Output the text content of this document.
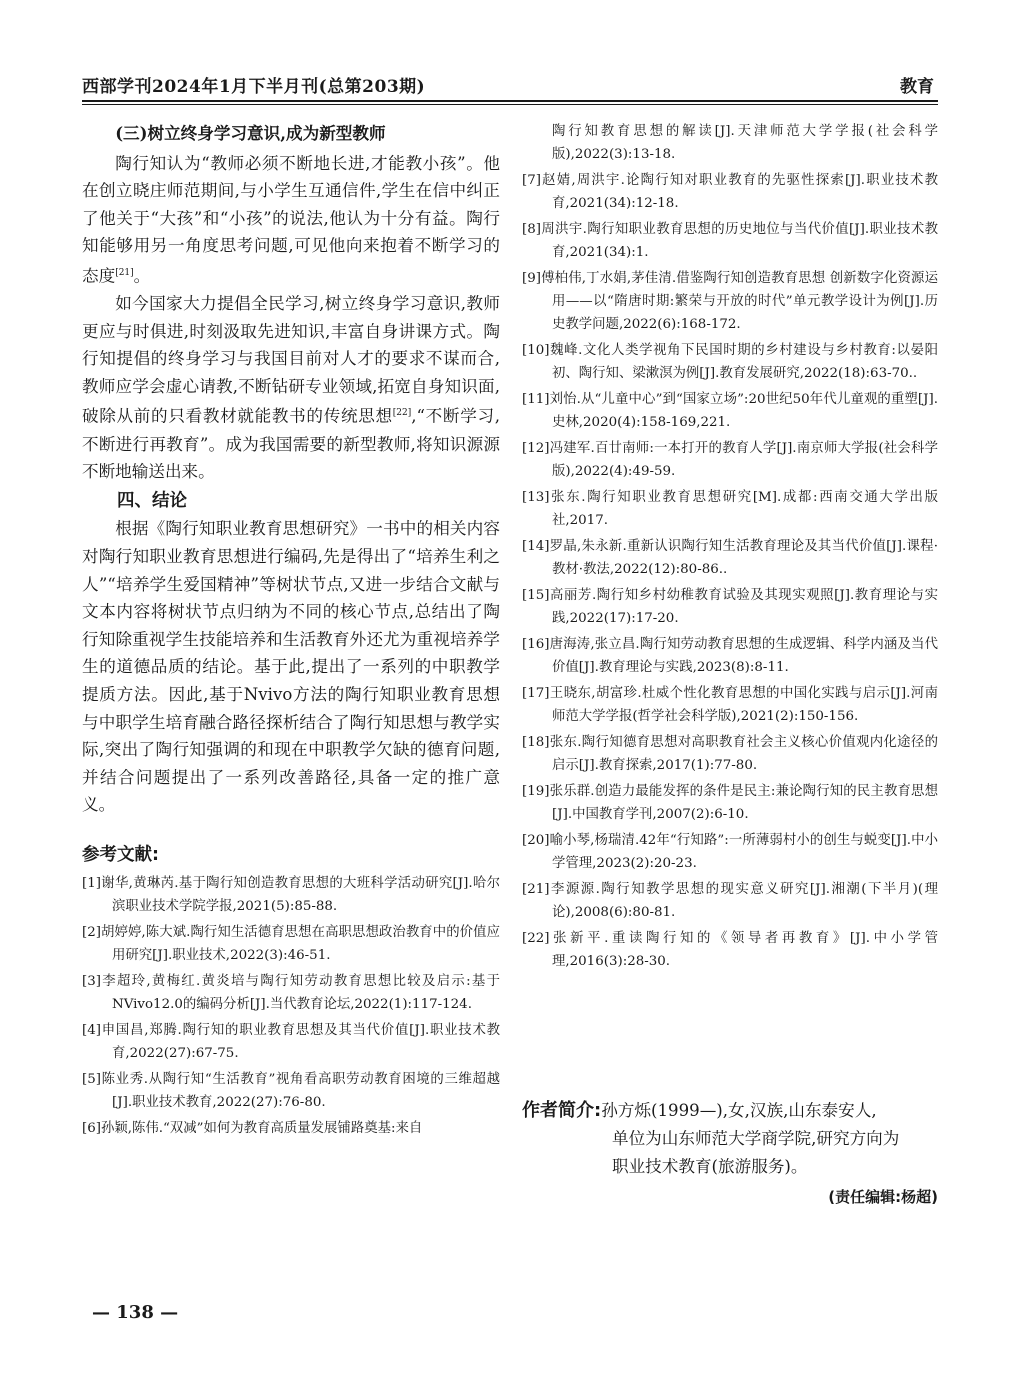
西部学刊2024年1月下半月刊(总第203期)	教育

(三)树立终身学习意识,成为新型教师

陶行知认为“教师必须不断地长进,才能教小孩”。他在创立晓庄师范期间,与小学生互通信件,学生在信中纠正了他关于“大孩”和“小孩”的说法,他认为十分有益。陶行知能够用另一角度思考问题,可见他向来抱着不断学习的态度[21]。

如今国家大力提倡全民学习,树立终身学习意识,教师更应与时俱进,时刻汲取先进知识,丰富自身讲课方式。陶行知提倡的终身学习与我国目前对人才的要求不谋而合,教师应学会虚心请教,不断钻研专业领域,拓宽自身知识面,破除从前的只看教材就能教书的传统思想[22],“不断学习,不断进行再教育”。成为我国需要的新型教师,将知识源源不断地输送出来。

四、结论

根据《陶行知职业教育思想研究》一书中的相关内容对陶行知职业教育思想进行编码,先是得出了“培养生利之人”“培养学生爱国精神”等树状节点,又进一步结合文献与文本内容将树状节点归纳为不同的核心节点,总结出了陶行知除重视学生技能培养和生活教育外还尤为重视培养学生的道德品质的结论。基于此,提出了一系列的中职教学提质方法。因此,基于Nvivo方法的陶行知职业教育思想与中职学生培育融合路径探析结合了陶行知思想与教学实际,突出了陶行知强调的和现在中职教学欠缺的德育问题,并结合问题提出了一系列改善路径,具备一定的推广意义。

参考文献:
[1]谢华,黄琳芮.基于陶行知创造教育思想的大班科学活动研究[J].哈尔滨职业技术学院学报,2021(5):85-88.
[2]胡婷婷,陈大斌.陶行知生活德育思想在高职思想政治教育中的价值应用研究[J].职业技术,2022(3):46-51.
[3]李超玲,黄梅红.黄炎培与陶行知劳动教育思想比较及启示:基于NVivo12.0的编码分析[J].当代教育论坛,2022(1):117-124.
[4]申国昌,郑腾.陶行知的职业教育思想及其当代价值[J].职业技术教育,2022(27):67-75.
[5]陈业秀.从陶行知“生活教育”视角看高职劳动教育困境的三维超越[J].职业技术教育,2022(27):76-80.
[6]孙颖,陈伟.“双减”如何为教育高质量发展铺路奠基:来自
陶行知教育思想的解读[J].天津师范大学学报(社会科学版),2022(3):13-18.
[7]赵婧,周洪宇.论陶行知对职业教育的先驱性探索[J].职业技术教育,2021(34):12-18.
[8]周洪宇.陶行知职业教育思想的历史地位与当代价值[J].职业技术教育,2021(34):1.
[9]傅柏伟,丁水娟,茅佳清.借鉴陶行知创造教育思想 创新数字化资源运用——以“隋唐时期:繁荣与开放的时代”单元教学设计为例[J].历史教学问题,2022(6):168-172.
[10]魏峰.文化人类学视角下民国时期的乡村建设与乡村教育:以晏阳初、陶行知、梁漱溟为例[J].教育发展研究,2022(18):63-70..
[11]刘怡.从“儿童中心”到“国家立场”:20世纪50年代儿童观的重塑[J].史林,2020(4):158-169,221.
[12]冯建军.百廿南师:一本打开的教育人学[J].南京师大学报(社会科学版),2022(4):49-59.
[13]张东.陶行知职业教育思想研究[M].成都:西南交通大学出版社,2017.
[14]罗晶,朱永新.重新认识陶行知生活教育理论及其当代价值[J].课程·教材·教法,2022(12):80-86..
[15]高丽芳.陶行知乡村幼稚教育试验及其现实观照[J].教育理论与实践,2022(17):17-20.
[16]唐海涛,张立昌.陶行知劳动教育思想的生成逻辑、科学内涵及当代价值[J].教育理论与实践,2023(8):8-11.
[17]王晓东,胡富珍.杜威个性化教育思想的中国化实践与启示[J].河南师范大学学报(哲学社会科学版),2021(2):150-156.
[18]张东.陶行知德育思想对高职教育社会主义核心价值观内化途径的启示[J].教育探索,2017(1):77-80.
[19]张乐群.创造力最能发挥的条件是民主:兼论陶行知的民主教育思想[J].中国教育学刊,2007(2):6-10.
[20]喻小琴,杨瑞清.42年“行知路”:一所薄弱村小的创生与蜕变[J].中小学管理,2023(2):20-23.
[21]李源源.陶行知教学思想的现实意义研究[J].湘潮(下半月)(理论),2008(6):80-81.
[22]张新平.重读陶行知的《领导者再教育》[J].中小学管理,2016(3):28-30.
作者简介:孙方烁(1999—),女,汉族,山东泰安人,
单位为山东师范大学商学院,研究方向为
职业技术教育(旅游服务)。
(责任编辑:杨超)
— 138 —
